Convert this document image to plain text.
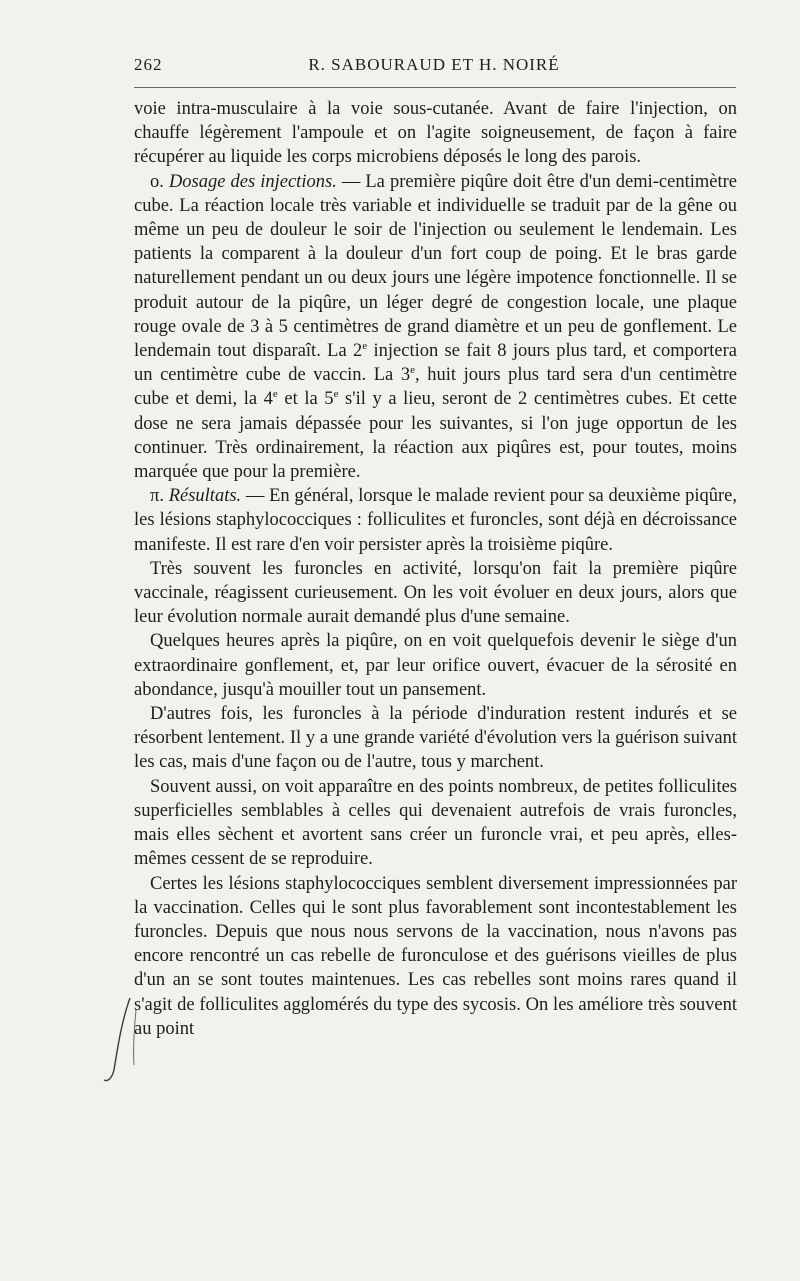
262	R. SABOURAUD ET H. NOIRÉ

voie intra-musculaire à la voie sous-cutanée. Avant de faire l'injection, on chauffe légèrement l'ampoule et on l'agite soigneusement, de façon à faire récupérer au liquide les corps microbiens déposés le long des parois.

ο. Dosage des injections. — La première piqûre doit être d'un demi-centimètre cube. La réaction locale très variable et individuelle se traduit par de la gêne ou même un peu de douleur le soir de l'injection ou seulement le lendemain. Les patients la comparent à la douleur d'un fort coup de poing. Et le bras garde naturellement pendant un ou deux jours une légère impotence fonctionnelle. Il se produit autour de la piqûre, un léger degré de congestion locale, une plaque rouge ovale de 3 à 5 centimètres de grand diamètre et un peu de gonflement. Le lendemain tout disparaît. La 2e injection se fait 8 jours plus tard, et comportera un centimètre cube de vaccin. La 3e, huit jours plus tard sera d'un centimètre cube et demi, la 4e et la 5e s'il y a lieu, seront de 2 centimètres cubes. Et cette dose ne sera jamais dépassée pour les suivantes, si l'on juge opportun de les continuer. Très ordinairement, la réaction aux piqûres est, pour toutes, moins marquée que pour la première.

π. Résultats. — En général, lorsque le malade revient pour sa deuxième piqûre, les lésions staphylococciques : folliculites et furoncles, sont déjà en décroissance manifeste. Il est rare d'en voir persister après la troisième piqûre.

Très souvent les furoncles en activité, lorsqu'on fait la première piqûre vaccinale, réagissent curieusement. On les voit évoluer en deux jours, alors que leur évolution normale aurait demandé plus d'une semaine.

Quelques heures après la piqûre, on en voit quelquefois devenir le siège d'un extraordinaire gonflement, et, par leur orifice ouvert, évacuer de la sérosité en abondance, jusqu'à mouiller tout un pansement.

D'autres fois, les furoncles à la période d'induration restent indurés et se résorbent lentement. Il y a une grande variété d'évolution vers la guérison suivant les cas, mais d'une façon ou de l'autre, tous y marchent.

Souvent aussi, on voit apparaître en des points nombreux, de petites folliculites superficielles semblables à celles qui devenaient autrefois de vrais furoncles, mais elles sèchent et avortent sans créer un furoncle vrai, et peu après, elles-mêmes cessent de se reproduire.

Certes les lésions staphylococciques semblent diversement impressionnées par la vaccination. Celles qui le sont plus favorablement sont incontestablement les furoncles. Depuis que nous nous servons de la vaccination, nous n'avons pas encore rencontré un cas rebelle de furonculose et des guérisons vieilles de plus d'un an se sont toutes maintenues. Les cas rebelles sont moins rares quand il s'agit de folliculites agglomérés du type des sycosis. On les améliore très souvent au point
